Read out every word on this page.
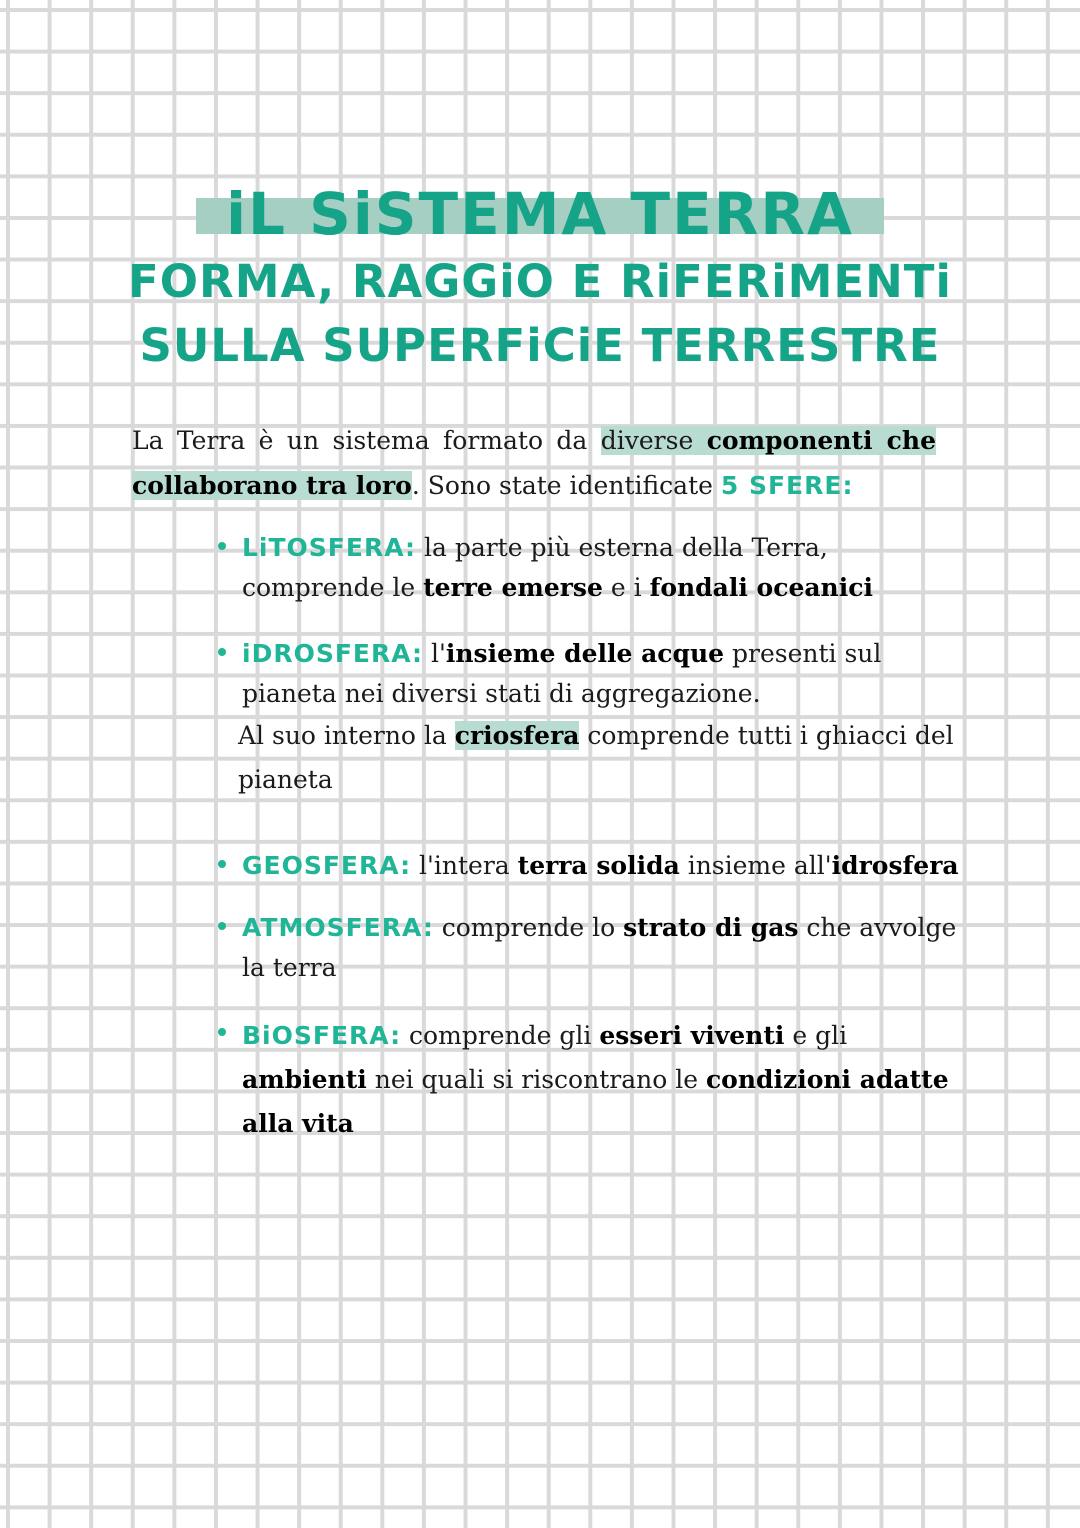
iL SiSTEMA TERRA

FORMA, RAGGiO E RiFERiMENTi

SULLA SUPERFiCiE TERRESTRE

La Terra è un sistema formato da diverse componenti che collaborano tra loro. Sono state identificate 5 SFERE:

LiTOSFERA: la parte più esterna della Terra, comprende le terre emerse e i fondali oceanici
iDROSFERA: l'insieme delle acque presenti sul pianeta nei diversi stati di aggregazione.
Al suo interno la criosfera comprende tutti i ghiacci del pianeta
GEOSFERA: l'intera terra solida insieme all'idrosfera
ATMOSFERA: comprende lo strato di gas che avvolge la terra
BiOSFERA: comprende gli esseri viventi e gli ambienti nei quali si riscontrano le condizioni adatte alla vita
